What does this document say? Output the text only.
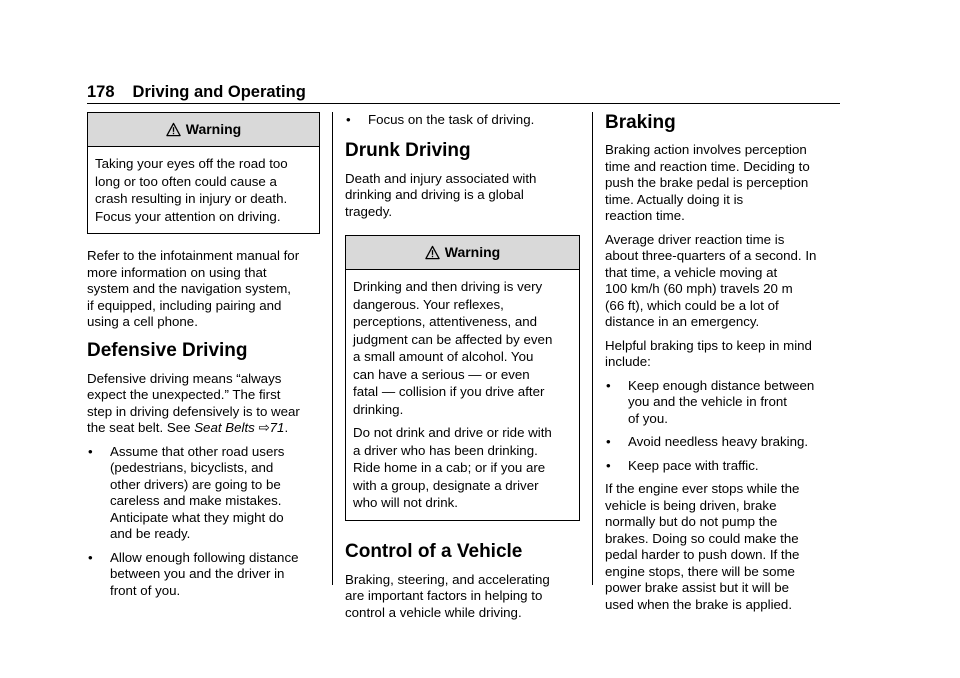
178 Driving and Operating
Warning
Taking your eyes off the road too
long or too often could cause a
crash resulting in injury or death.
Focus your attention on driving.

Refer to the infotainment manual for
more information on using that
system and the navigation system,
if equipped, including pairing and
using a cell phone.

Defensive Driving

Defensive driving means “always
expect the unexpected.” The first
step in driving defensively is to wear
the seat belt. See Seat Belts ⇨71.

• Assume that other road users
(pedestrians, bicyclists, and
other drivers) are going to be
careless and make mistakes.
Anticipate what they might do
and be ready.
• Allow enough following distance
between you and the driver in
front of you.
• Focus on the task of driving.
Drunk Driving

Death and injury associated with
drinking and driving is a global
tragedy.

Warning

Drinking and then driving is very
dangerous. Your reflexes,
perceptions, attentiveness, and
judgment can be affected by even
a small amount of alcohol. You
can have a serious — or even
fatal — collision if you drive after
drinking.

Do not drink and drive or ride with
a driver who has been drinking.
Ride home in a cab; or if you are
with a group, designate a driver
who will not drink.

Control of a Vehicle

Braking, steering, and accelerating
are important factors in helping to
control a vehicle while driving.

Braking

Braking action involves perception
time and reaction time. Deciding to
push the brake pedal is perception
time. Actually doing it is
reaction time.

Average driver reaction time is
about three-quarters of a second. In
that time, a vehicle moving at
100 km/h (60 mph) travels 20 m
(66 ft), which could be a lot of
distance in an emergency.

Helpful braking tips to keep in mind
include:

• Keep enough distance between
you and the vehicle in front
of you.
• Avoid needless heavy braking.
• Keep pace with traffic.

If the engine ever stops while the
vehicle is being driven, brake
normally but do not pump the
brakes. Doing so could make the
pedal harder to push down. If the
engine stops, there will be some
power brake assist but it will be
used when the brake is applied.
